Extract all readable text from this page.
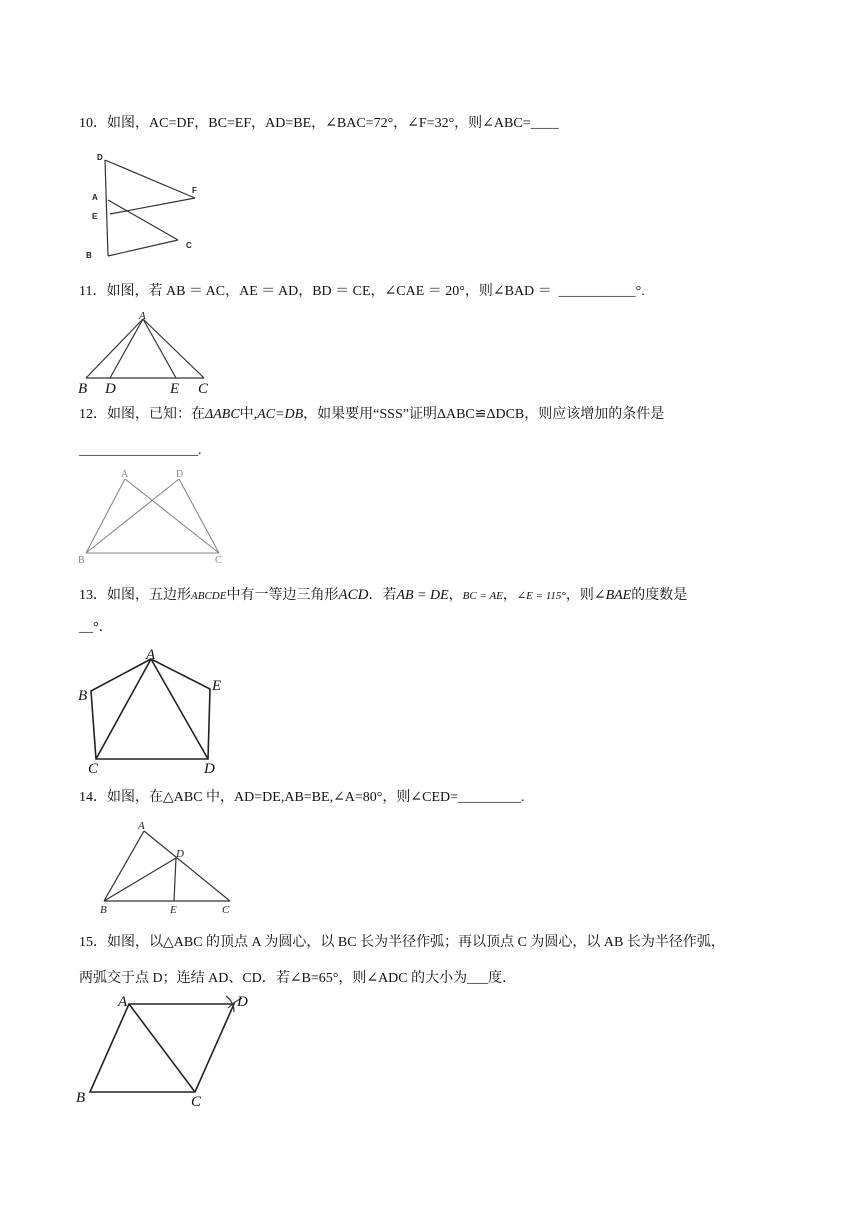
10．如图，AC=DF，BC=EF，AD=BE，∠BAC=72°，∠F=32°，则∠ABC=____
D
A
E
B
F
C
11．如图，若 AB ＝ AC，AE ＝ AD，BD ＝ CE，∠CAE ＝ 20°，则∠BAD ＝  ___________°.
A
B D	E C
12．如图，已知：在ΔABC中,AC=DB，如果要用“SSS”证明ΔABC≌ΔDCB，则应该增加的条件是
_________________.
A	D
B	C
13．如图，五边形ABCDE中有一等边三角形ACD．若AB = DE，BC = AE，∠E = 115°，则∠BAE的度数是
__°．
A
B
E
C	D
14．如图，在△ABC 中，AD=DE,AB=BE,∠A=80°，则∠CED=_________.
A
D
B	E	C
15．如图，以△ABC 的顶点 A 为圆心，以 BC 长为半径作弧；再以顶点 C 为圆心，以 AB 长为半径作弧，
两弧交于点 D；连结 AD、CD．若∠B=65°，则∠ADC 的大小为___度．
A	D
B	C
